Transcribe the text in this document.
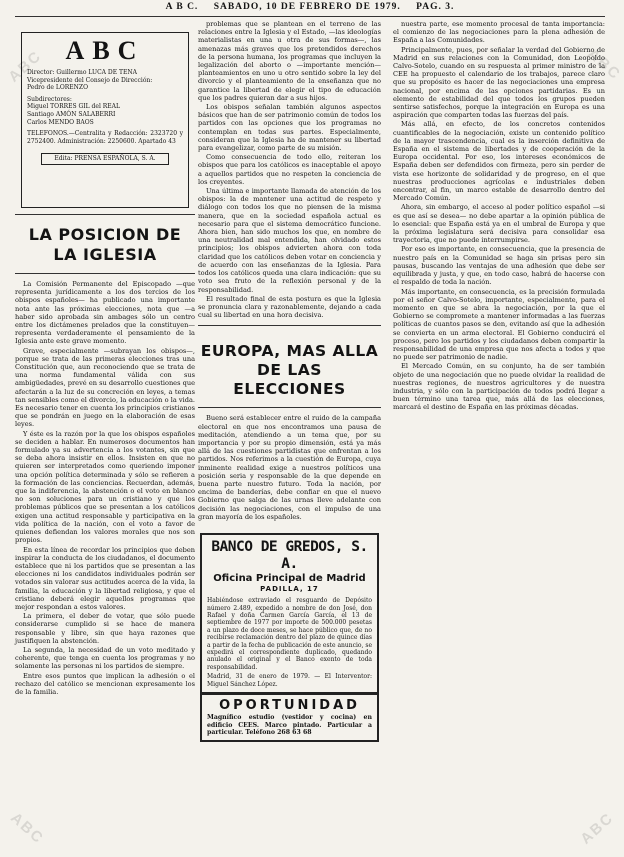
A B C. SABADO, 10 DE FEBRERO DE 1979. PAG. 3.
ABC
Director: Guillermo LUCA DE TENA
Vicepresidente del Consejo de Dirección:
Pedro de LORENZO
Subdirectores:
Miguel TORRES GIL del REAL
Santiago AMÓN SALABERRI
Carlos MENDO BAOS
TELEFONOS.—Centralita y Redacción: 2323720 y 2752400. Administración: 2250600. Apartado 43
Edita: PRENSA ESPAÑOLA, S. A.
LA POSICION DE LA IGLESIA

La Comisión Permanente del Episcopado —que representa jurídicamente a los dos tercios de los obispos españoles— ha publicado una importante nota ante las próximas elecciones, nota que —a haber sido aprobada sin ambages sólo un centro entre los dictámenes prelados que la constituyen— representa verdaderamente el pensamiento de la Iglesia ante este grave momento.

Grave, especialmente —subrayan los obispos—, porque se trata de las primeras elecciones tras una Constitución que, aun reconociendo que se trata de una norma fundamental válida con sus ambigüedades, prevé en su desarrollo cuestiones que afectarán a la luz de su concreción en leyes, a temas tan sensibles como el divorcio, la educación o la vida. Es necesario tener en cuenta los principios cristianos que se pondrán en juego en la elaboración de esas leyes.

Y éste es la razón por la que los obispos españoles se deciden a hablar. En numerosos documentos han formulado ya su advertencia a los votantes, sin que se deba ahora insistir en ellos. Insisten en que no quieren ser interpretados como queriendo imponer una opción política determinada y sólo se refieren a la formación de las conciencias. Recuerdan, además, que la indiferencia, la abstención o el voto en blanco no son soluciones para un cristiano y que los problemas públicos que se presentan a los católicos exigen una actitud responsable y participativa en la vida política de la nación, con el voto a favor de quienes defiendan los valores morales que nos son propios.

En esta línea de recordar los principios que deben inspirar la conducta de los ciudadanos, el documento establece que ni los partidos que se presentan a las elecciones ni los candidatos individuales podrán ser votados sin valorar sus actitudes acerca de la vida, la familia, la educación y la libertad religiosa, y que el cristiano deberá elegir aquellos programas que mejor respondan a estos valores.

La primera, el deber de votar, que sólo puede considerarse cumplido si se hace de manera responsable y libre, sin que haya razones que justifiquen la abstención.

La segunda, la necesidad de un voto meditado y coherente, que tenga en cuenta los programas y no solamente las personas ni los partidos de siempre.

Entre esos puntos que implican la adhesión o el rechazo del católico se mencionan expresamente los de la familia.

problemas que se plantean en el terreno de las relaciones entre la Iglesia y el Estado, —las ideologías materialistas en una u otra de sus formas—, las amenazas más graves que los pretendidos derechos de la persona humana, los programas que incluyen la legalización del aborto o —importante mención— planteamientos en uno u otro sentido sobre la ley del divorcio y el planteamiento de la enseñanza que no garantice la libertad de elegir el tipo de educación que los padres quieran dar a sus hijos.

Los obispos señalan también algunos aspectos básicos que han de ser patrimonio común de todos los partidos con las opciones que los programas no contemplan en todas sus partes. Especialmente, consideran que la Iglesia ha de mantener su libertad para evangelizar, como parte de su misión.

Como consecuencia de todo ello, reiteran los obispos que para los católicos es inaceptable el apoyo a aquellos partidos que no respeten la conciencia de los creyentes.

Una última e importante llamada de atención de los obispos: la de mantener una actitud de respeto y diálogo con todos los que no piensen de la misma manera, que en la sociedad española actual es necesario para que el sistema democrático funcione. Ahora bien, han sido muchos los que, en nombre de una neutralidad mal entendida, han olvidado estos principios; los obispos advierten ahora con toda claridad que los católicos deben votar en conciencia y de acuerdo con las enseñanzas de la Iglesia. Para todos los católicos queda una clara indicación: que su voto sea fruto de la reflexión personal y de la responsabilidad.

El resultado final de esta postura es que la Iglesia se pronuncia clara y razonablemente, dejando a cada cual su libertad en una hora decisiva.

EUROPA, MAS ALLA DE LAS ELECCIONES

Bueno será establecer entre el ruido de la campaña electoral en que nos encontramos una pausa de meditación, atendiendo a un tema que, por su importancia y por su propio dimensión, está ya más allá de las cuestiones partidistas que enfrentan a los partidos. Nos referimos a la cuestión de Europa, cuya inminente realidad exige a nuestros políticos una posición seria y responsable de la que depende en buena parte nuestro futuro. Toda la nación, por encima de banderías, debe confiar en que el nuevo Gobierno que salga de las urnas lleve adelante con decisión las negociaciones, con el impulso de una gran mayoría de los españoles.

BANCO DE GREDOS, S. A.
Oficina Principal de Madrid
PADILLA, 17
Habiéndose extraviado el resguardo de Depósito número 2.489, expedido a nombre de don José, don Rafael y doña Carmen García García, el 13 de septiembre de 1977 por importe de 500.000 pesetas a un plazo de doce meses, se hace público que, de no recibirse reclamación dentro del plazo de quince días a partir de la fecha de publicación de este anuncio, se expedirá el correspondiente duplicado, quedando anulado el original y el Banco exento de toda responsabilidad.
Madrid, 31 de enero de 1979. — El Interventor: Miguel Sánchez López.
OPORTUNIDAD
Magnífico estudio (vestidor y cocina) en edificio CEES. Marco pintado. Particular a particular. Teléfono 268 63 68

nuestra parte, ese momento procesal de tanta importancia: el comienzo de las negociaciones para la plena adhesión de España a las Comunidades.

Principalmente, pues, por señalar la verdad del Gobierno de Madrid en sus relaciones con la Comunidad, don Leopoldo Calvo-Sotelo, cuando en su respuesta al primer ministro de la CEE ha propuesto el calendario de los trabajos, parece claro que su propósito es hacer de las negociaciones una empresa nacional, por encima de las opciones partidarias. Es un elemento de estabilidad del que todos los grupos pueden sentirse satisfechos, porque la integración en Europa es una aspiración que comparten todas las fuerzas del país.

Más allá, en efecto, de los concretos contenidos cuantificables de la negociación, existe un contenido político de la mayor trascendencia, cual es la inserción definitiva de España en el sistema de libertades y de cooperación de la Europa occidental. Por eso, los intereses económicos de España deben ser defendidos con firmeza, pero sin perder de vista ese horizonte de solidaridad y de progreso, en el que nuestras producciones agrícolas e industriales deben encontrar, al fin, un marco estable de desarrollo dentro del Mercado Común.

Ahora, sin embargo, el acceso al poder político español —si es que así se desea— no debe apartar a la opinión pública de lo esencial: que España está ya en el umbral de Europa y que la próxima legislatura será decisiva para consolidar esa trayectoria, que no puede interrumpirse.

Por eso es importante, en consecuencia, que la presencia de nuestro país en la Comunidad se haga sin prisas pero sin pausas, buscando las ventajas de una adhesión que debe ser equilibrada y justa, y que, en todo caso, habrá de hacerse con el respaldo de toda la nación.

Más importante, en consecuencia, es la precisión formulada por el señor Calvo-Sotelo, importante, especialmente, para el momento en que se abra la negociación, por la que el Gobierno se compromete a mantener informadas a las fuerzas políticas de cuantos pasos se den, evitando así que la adhesión se convierta en un arma electoral. El Gobierno conducirá el proceso, pero los partidos y los ciudadanos deben compartir la responsabilidad de una empresa que nos afecta a todos y que no puede ser patrimonio de nadie.

El Mercado Común, en su conjunto, ha de ser también objeto de una negociación que no puede olvidar la realidad de nuestras regiones, de nuestros agricultores y de nuestra industria, y sólo con la participación de todos podrá llegar a buen término una tarea que, más allá de las elecciones, marcará el destino de España en las próximas décadas.

ABC	ABC
ABC	ABC
